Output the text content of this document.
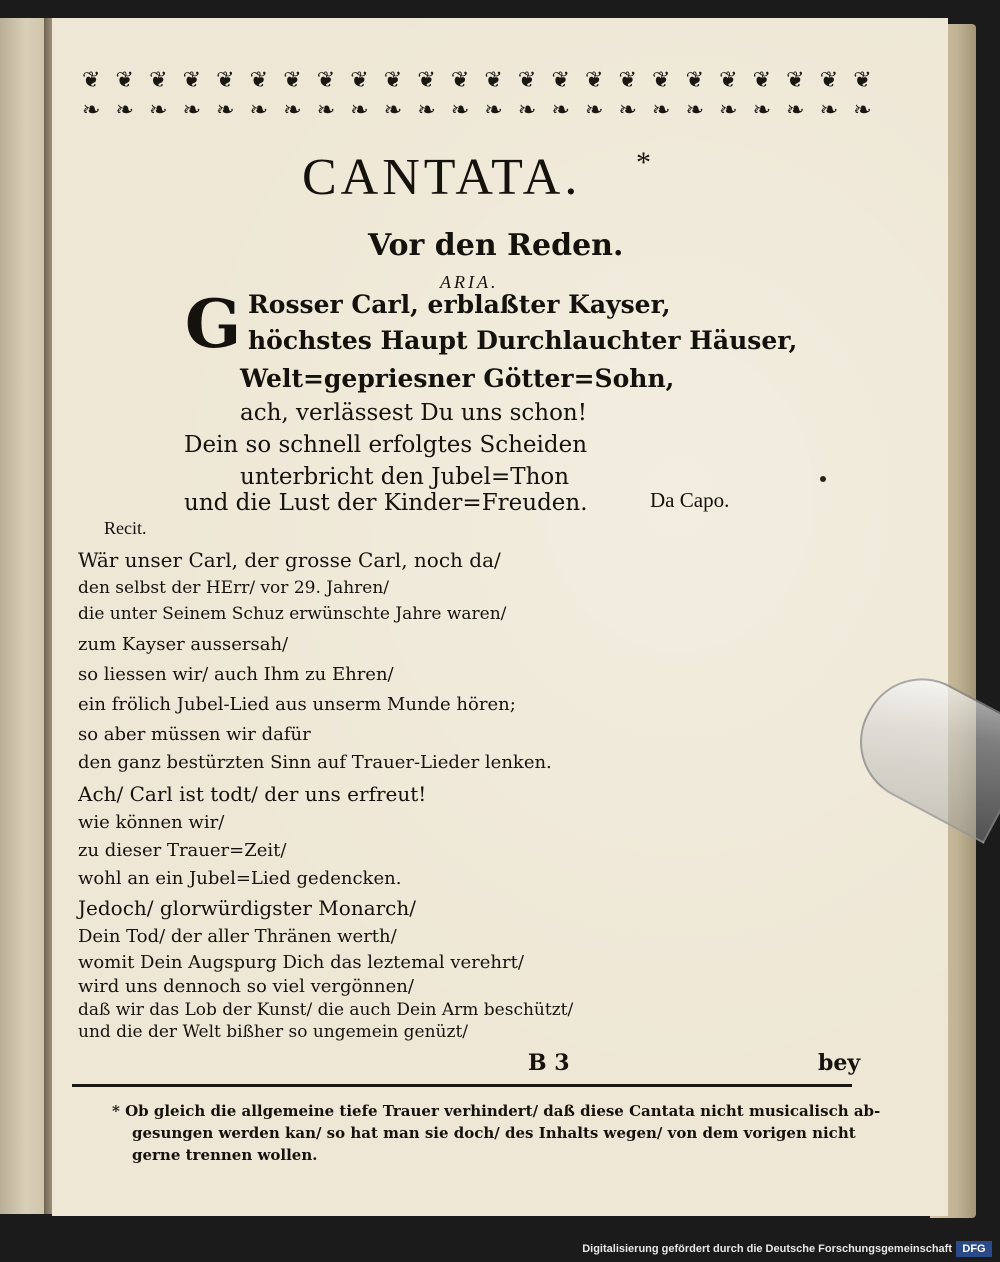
❦ ❦ ❦ ❦ ❦ ❦ ❦ ❦ ❦ ❦ ❦ ❦ ❦ ❦ ❦ ❦ ❦ ❦ ❦ ❦ ❦ ❦ ❦ ❦
❧ ❧ ❧ ❧ ❧ ❧ ❧ ❧ ❧ ❧ ❧ ❧ ❧ ❧ ❧ ❧ ❧ ❧ ❧ ❧ ❧ ❧ ❧ ❧
CANTATA.	*
Vor den Reden.
ARIA.
G Rosser Carl, erblaßter Kayser,
höchstes Haupt Durchlauchter Häuser,
Welt=gepriesner Götter=Sohn,
ach, verlässest Du uns schon!
Dein so schnell erfolgtes Scheiden
unterbricht den Jubel=Thon
und die Lust der Kinder=Freuden.	Da Capo.
Recit.
Wär unser Carl, der grosse Carl, noch da/
den selbst der HErr/ vor 29. Jahren/
die unter Seinem Schuz erwünschte Jahre waren/
zum Kayser aussersah/
so liessen wir/ auch Ihm zu Ehren/
ein frölich Jubel-Lied aus unserm Munde hören;
so aber müssen wir dafür
den ganz bestürzten Sinn auf Trauer-Lieder lenken.
Ach/ Carl ist todt/ der uns erfreut!
wie können wir/
zu dieser Trauer=Zeit/
wohl an ein Jubel=Lied gedencken.
Jedoch/ glorwürdigster Monarch/
Dein Tod/ der aller Thränen werth/
womit Dein Augspurg Dich das leztemal verehrt/
wird uns dennoch so viel vergönnen/
daß wir das Lob der Kunst/ die auch Dein Arm beschützt/
und die der Welt bißher so ungemein genüzt/
B 3	bey
* Ob gleich die allgemeine tiefe Trauer verhindert/ daß diese Cantata nicht musicalisch ab-
gesungen werden kan/ so hat man sie doch/ des Inhalts wegen/ von dem vorigen nicht
gerne trennen wollen.
Digitalisierung gefördert durch die Deutsche Forschungsgemeinschaft DFG
